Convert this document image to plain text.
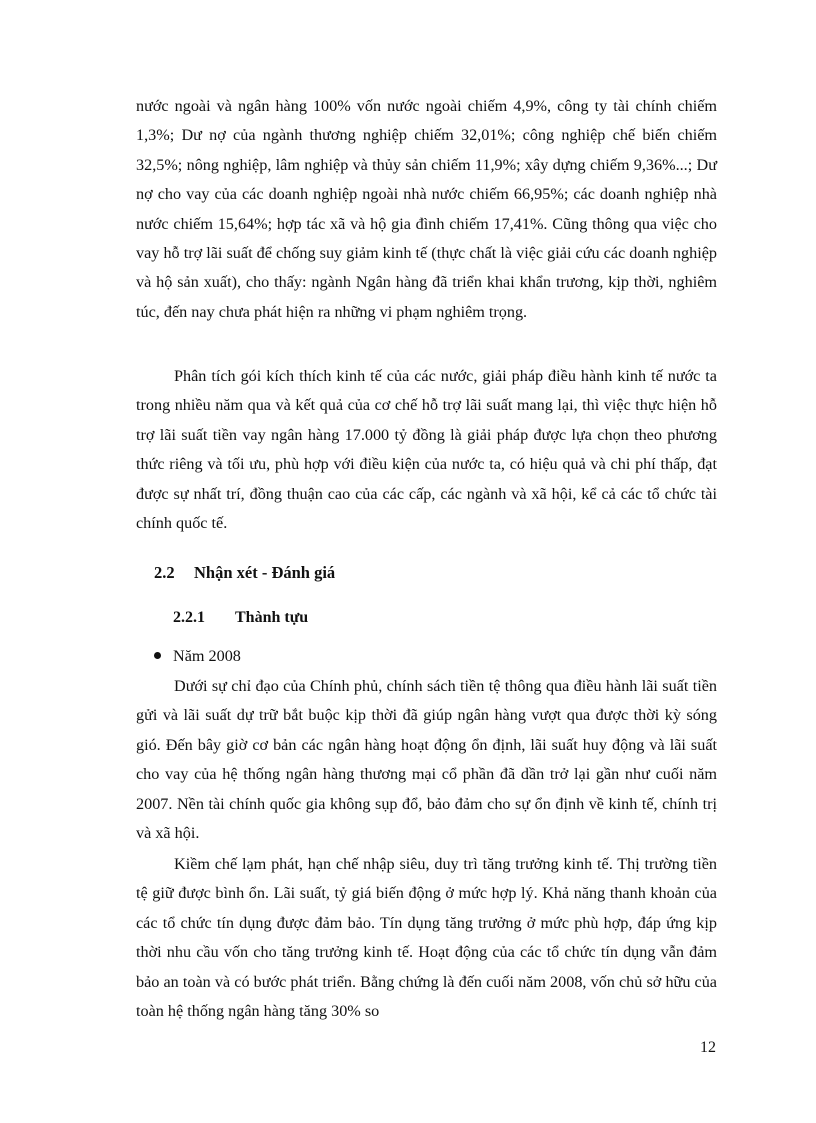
nước ngoài và ngân hàng 100% vốn nước ngoài chiếm 4,9%, công ty tài chính chiếm 1,3%; Dư nợ của ngành thương nghiệp chiếm 32,01%; công nghiệp chế biến chiếm 32,5%; nông nghiệp, lâm nghiệp và thủy sản chiếm 11,9%; xây dựng chiếm 9,36%...; Dư nợ cho vay của các doanh nghiệp ngoài nhà nước chiếm 66,95%; các doanh nghiệp nhà nước chiếm 15,64%; hợp tác xã và hộ gia đình chiếm 17,41%. Cũng thông qua việc cho vay hỗ trợ lãi suất để chống suy giảm kinh tế (thực chất là việc giải cứu các doanh nghiệp và hộ sản xuất), cho thấy: ngành Ngân hàng đã triển khai khẩn trương, kịp thời, nghiêm túc, đến nay chưa phát hiện ra những vi phạm nghiêm trọng.

Phân tích gói kích thích kinh tế của các nước, giải pháp điều hành kinh tế nước ta trong nhiều năm qua và kết quả của cơ chế hỗ trợ lãi suất mang lại, thì việc thực hiện hỗ trợ lãi suất tiền vay ngân hàng 17.000 tỷ đồng là giải pháp được lựa chọn theo phương thức riêng và tối ưu, phù hợp với điều kiện của nước ta, có hiệu quả và chi phí thấp, đạt được sự nhất trí, đồng thuận cao của các cấp, các ngành và xã hội, kể cả các tổ chức tài chính quốc tế.

2.2 Nhận xét - Đánh giá
2.2.1 Thành tựu
Năm 2008

Dưới sự chỉ đạo của Chính phủ, chính sách tiền tệ thông qua điều hành lãi suất tiền gửi và lãi suất dự trữ bắt buộc kịp thời đã giúp ngân hàng vượt qua được thời kỳ sóng gió. Đến bây giờ cơ bản các ngân hàng hoạt động ổn định, lãi suất huy động và lãi suất cho vay của hệ thống ngân hàng thương mại cổ phần đã dần trở lại gần như cuối năm 2007. Nền tài chính quốc gia không sụp đổ, bảo đảm cho sự ổn định về kinh tế, chính trị và xã hội.

Kiềm chế lạm phát, hạn chế nhập siêu, duy trì tăng trưởng kinh tế. Thị trường tiền tệ giữ được bình ổn. Lãi suất, tỷ giá biến động ở mức hợp lý. Khả năng thanh khoản của các tổ chức tín dụng được đảm bảo. Tín dụng tăng trưởng ở mức phù hợp, đáp ứng kịp thời nhu cầu vốn cho tăng trưởng kinh tế. Hoạt động của các tổ chức tín dụng vẫn đảm bảo an toàn và có bước phát triển. Bằng chứng là đến cuối năm 2008, vốn chủ sở hữu của toàn hệ thống ngân hàng tăng 30% so

12
